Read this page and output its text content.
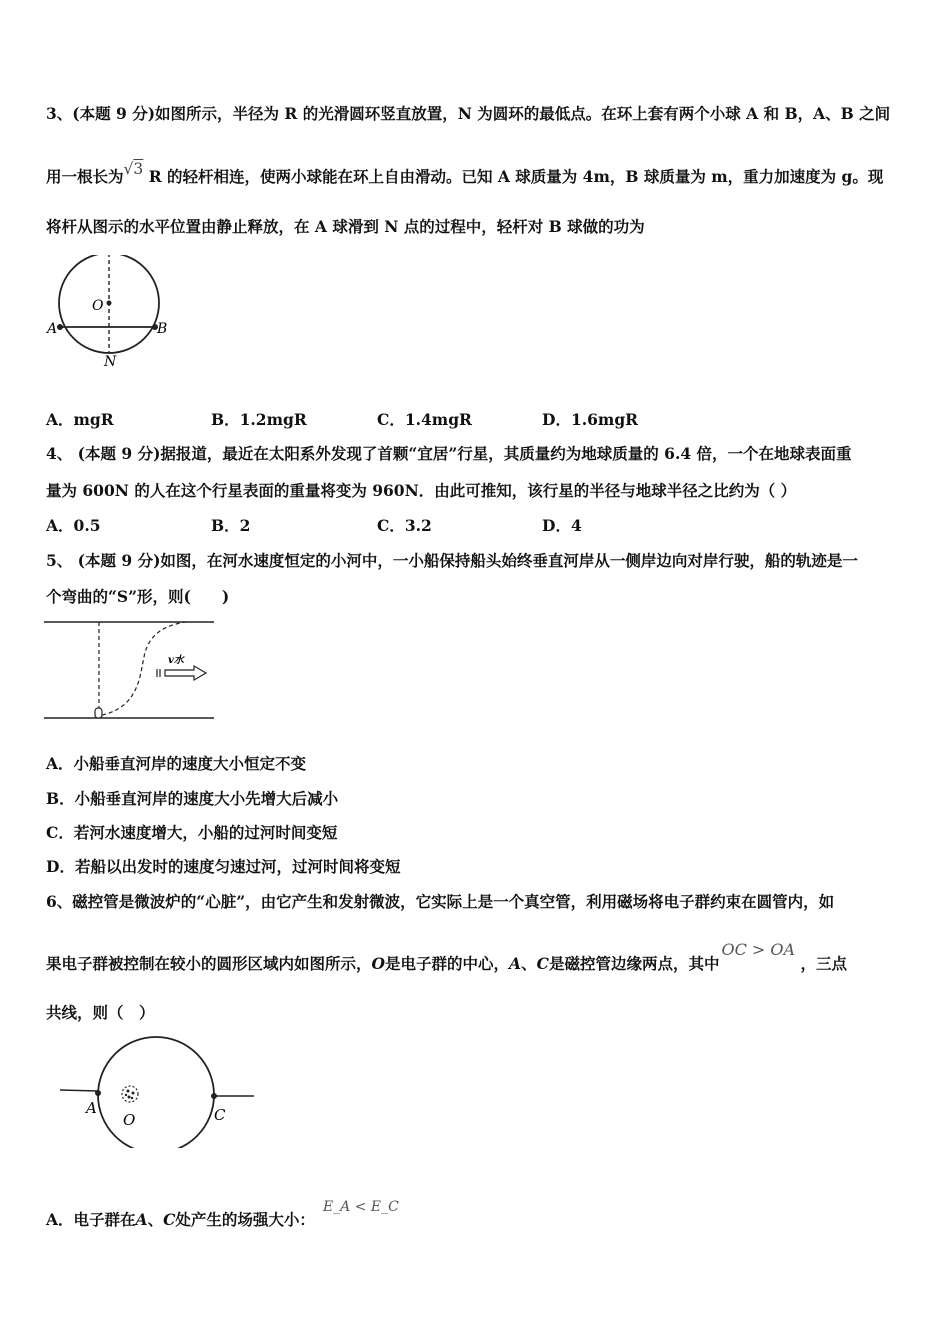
3、(本题 9 分)如图所示，半径为 R 的光滑圆环竖直放置，N 为圆环的最低点。在环上套有两个小球 A 和 B，A、B 之间
用一根长为√3 R 的轻杆相连，使两小球能在环上自由滑动。已知 A 球质量为 4m，B 球质量为 m，重力加速度为 g。现
将杆从图示的水平位置由静止释放，在 A 球滑到 N 点的过程中，轻杆对 B 球做的功为
O
A	B
N
A．mgR	B．1.2mgR	C．1.4mgR	D．1.6mgR
4、 (本题 9 分)据报道，最近在太阳系外发现了首颗“宜居”行星，其质量约为地球质量的 6.4 倍，一个在地球表面重
量为 600N 的人在这个行星表面的重量将变为 960N．由此可推知，该行星的半径与地球半径之比约为（ ）
A．0.5	B．2	C．3.2	D．4
5、 (本题 9 分)如图，在河水速度恒定的小河中，一小船保持船头始终垂直河岸从一侧岸边向对岸行驶，船的轨迹是一
个弯曲的“S”形，则(　　)
v水
A．小船垂直河岸的速度大小恒定不变
B．小船垂直河岸的速度大小先增大后减小
C．若河水速度增大，小船的过河时间变短
D．若船以出发时的速度匀速过河，过河时间将变短
6、磁控管是微波炉的“心脏”，由它产生和发射微波，它实际上是一个真空管，利用磁场将电子群约束在圆管内，如
果电子群被控制在较小的圆形区域内如图所示，O是电子群的中心，A、C是磁控管边缘两点，其中OC > OA，三点
共线，则（　）
A
O	C
A．电子群在A、C处产生的场强大小：E_A < E_C
